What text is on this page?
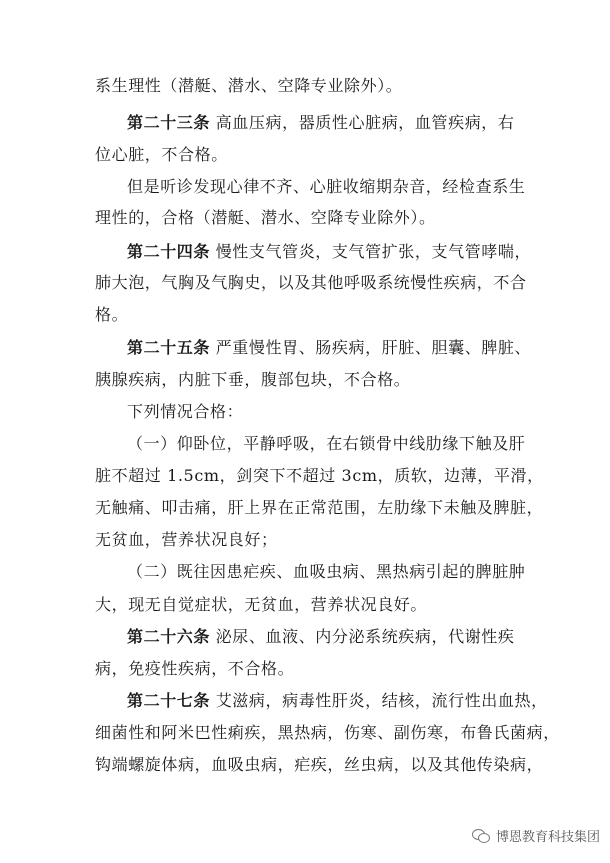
系生理性（潜艇、潜水、空降专业除外）。
第二十三条 高血压病，器质性心脏病，血管疾病，右
位心脏，不合格。
但是听诊发现心律不齐、心脏收缩期杂音，经检查系生
理性的，合格（潜艇、潜水、空降专业除外）。
第二十四条 慢性支气管炎，支气管扩张，支气管哮喘，
肺大泡，气胸及气胸史，以及其他呼吸系统慢性疾病，不合
格。
第二十五条 严重慢性胃、肠疾病，肝脏、胆囊、脾脏、
胰腺疾病，内脏下垂，腹部包块，不合格。
下列情况合格：
（一）仰卧位，平静呼吸，在右锁骨中线肋缘下触及肝
脏不超过 1.5cm，剑突下不超过 3cm，质软，边薄，平滑，
无触痛、叩击痛，肝上界在正常范围，左肋缘下未触及脾脏，
无贫血，营养状况良好；
（二）既往因患疟疾、血吸虫病、黑热病引起的脾脏肿
大，现无自觉症状，无贫血，营养状况良好。
第二十六条 泌尿、血液、内分泌系统疾病，代谢性疾
病，免疫性疾病，不合格。
第二十七条 艾滋病，病毒性肝炎，结核，流行性出血热，
细菌性和阿米巴性痢疾，黑热病，伤寒、副伤寒，布鲁氏菌病，
钩端螺旋体病，血吸虫病，疟疾，丝虫病，以及其他传染病，
博恩教育科技集团
